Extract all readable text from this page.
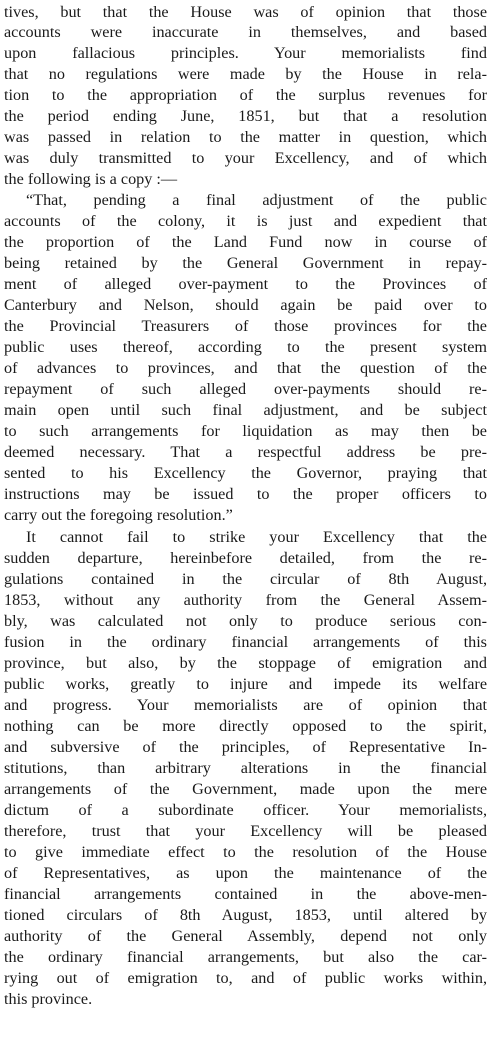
tives, but that the House was of opinion that those
accounts were inaccurate in themselves, and based
upon fallacious principles. Your memorialists find
that no regulations were made by the House in rela-
tion to the appropriation of the surplus revenues for
the period ending June, 1851, but that a resolution
was passed in relation to the matter in question, which
was duly transmitted to your Excellency, and of which
the following is a copy :—
“That, pending a final adjustment of the public
accounts of the colony, it is just and expedient that
the proportion of the Land Fund now in course of
being retained by the General Government in repay-
ment of alleged over-payment to the Provinces of
Canterbury and Nelson, should again be paid over to
the Provincial Treasurers of those provinces for the
public uses thereof, according to the present system
of advances to provinces, and that the question of the
repayment of such alleged over-payments should re-
main open until such final adjustment, and be subject
to such arrangements for liquidation as may then be
deemed necessary. That a respectful address be pre-
sented to his Excellency the Governor, praying that
instructions may be issued to the proper officers to
carry out the foregoing resolution.”
It cannot fail to strike your Excellency that the
sudden departure, hereinbefore detailed, from the re-
gulations contained in the circular of 8th August,
1853, without any authority from the General Assem-
bly, was calculated not only to produce serious con-
fusion in the ordinary financial arrangements of this
province, but also, by the stoppage of emigration and
public works, greatly to injure and impede its welfare
and progress. Your memorialists are of opinion that
nothing can be more directly opposed to the spirit,
and subversive of the principles, of Representative In-
stitutions, than arbitrary alterations in the financial
arrangements of the Government, made upon the mere
dictum of a subordinate officer. Your memorialists,
therefore, trust that your Excellency will be pleased
to give immediate effect to the resolution of the House
of Representatives, as upon the maintenance of the
financial arrangements contained in the above-men-
tioned circulars of 8th August, 1853, until altered by
authority of the General Assembly, depend not only
the ordinary financial arrangements, but also the car-
rying out of emigration to, and of public works within,
this province.
